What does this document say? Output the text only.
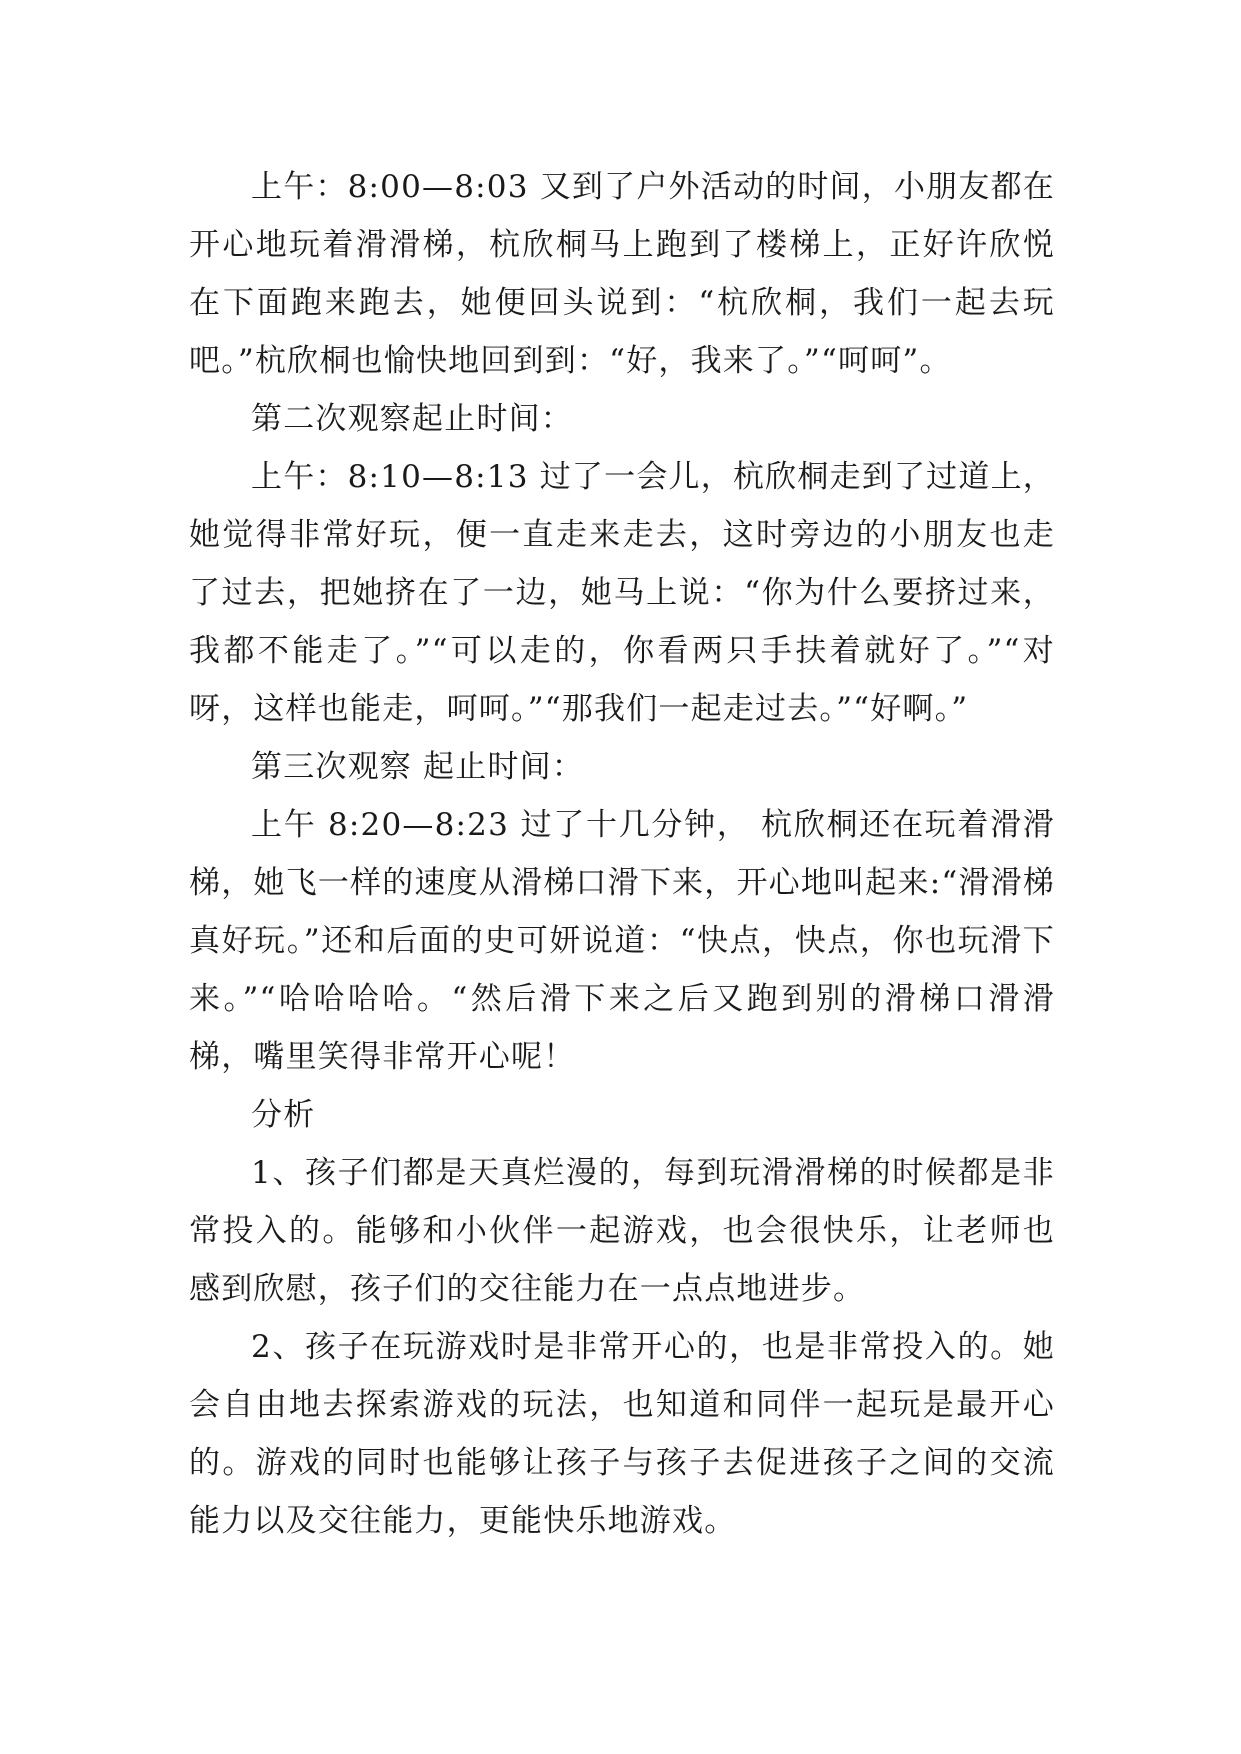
上午：8:00—8:03 又到了户外活动的时间，小朋友都在开心地玩着滑滑梯，杭欣桐马上跑到了楼梯上，正好许欣悦在下面跑来跑去，她便回头说到：“杭欣桐，我们一起去玩吧。”杭欣桐也愉快地回到到：“好，我来了。”“呵呵”。

第二次观察起止时间：

上午：8:10—8:13 过了一会儿，杭欣桐走到了过道上，她觉得非常好玩，便一直走来走去，这时旁边的小朋友也走了过去，把她挤在了一边，她马上说：“你为什么要挤过来，我都不能走了。”“可以走的，你看两只手扶着就好了。”“对呀，这样也能走，呵呵。”“那我们一起走过去。”“好啊。”

第三次观察 起止时间：

上午 8:20—8:23 过了十几分钟， 杭欣桐还在玩着滑滑梯，她飞一样的速度从滑梯口滑下来，开心地叫起来:“滑滑梯真好玩。”还和后面的史可妍说道：“快点，快点，你也玩滑下来。”“哈哈哈哈。“然后滑下来之后又跑到别的滑梯口滑滑梯，嘴里笑得非常开心呢！

分析

1、孩子们都是天真烂漫的，每到玩滑滑梯的时候都是非常投入的。能够和小伙伴一起游戏，也会很快乐，让老师也感到欣慰，孩子们的交往能力在一点点地进步。

2、孩子在玩游戏时是非常开心的，也是非常投入的。她会自由地去探索游戏的玩法，也知道和同伴一起玩是最开心的。游戏的同时也能够让孩子与孩子去促进孩子之间的交流能力以及交往能力，更能快乐地游戏。
